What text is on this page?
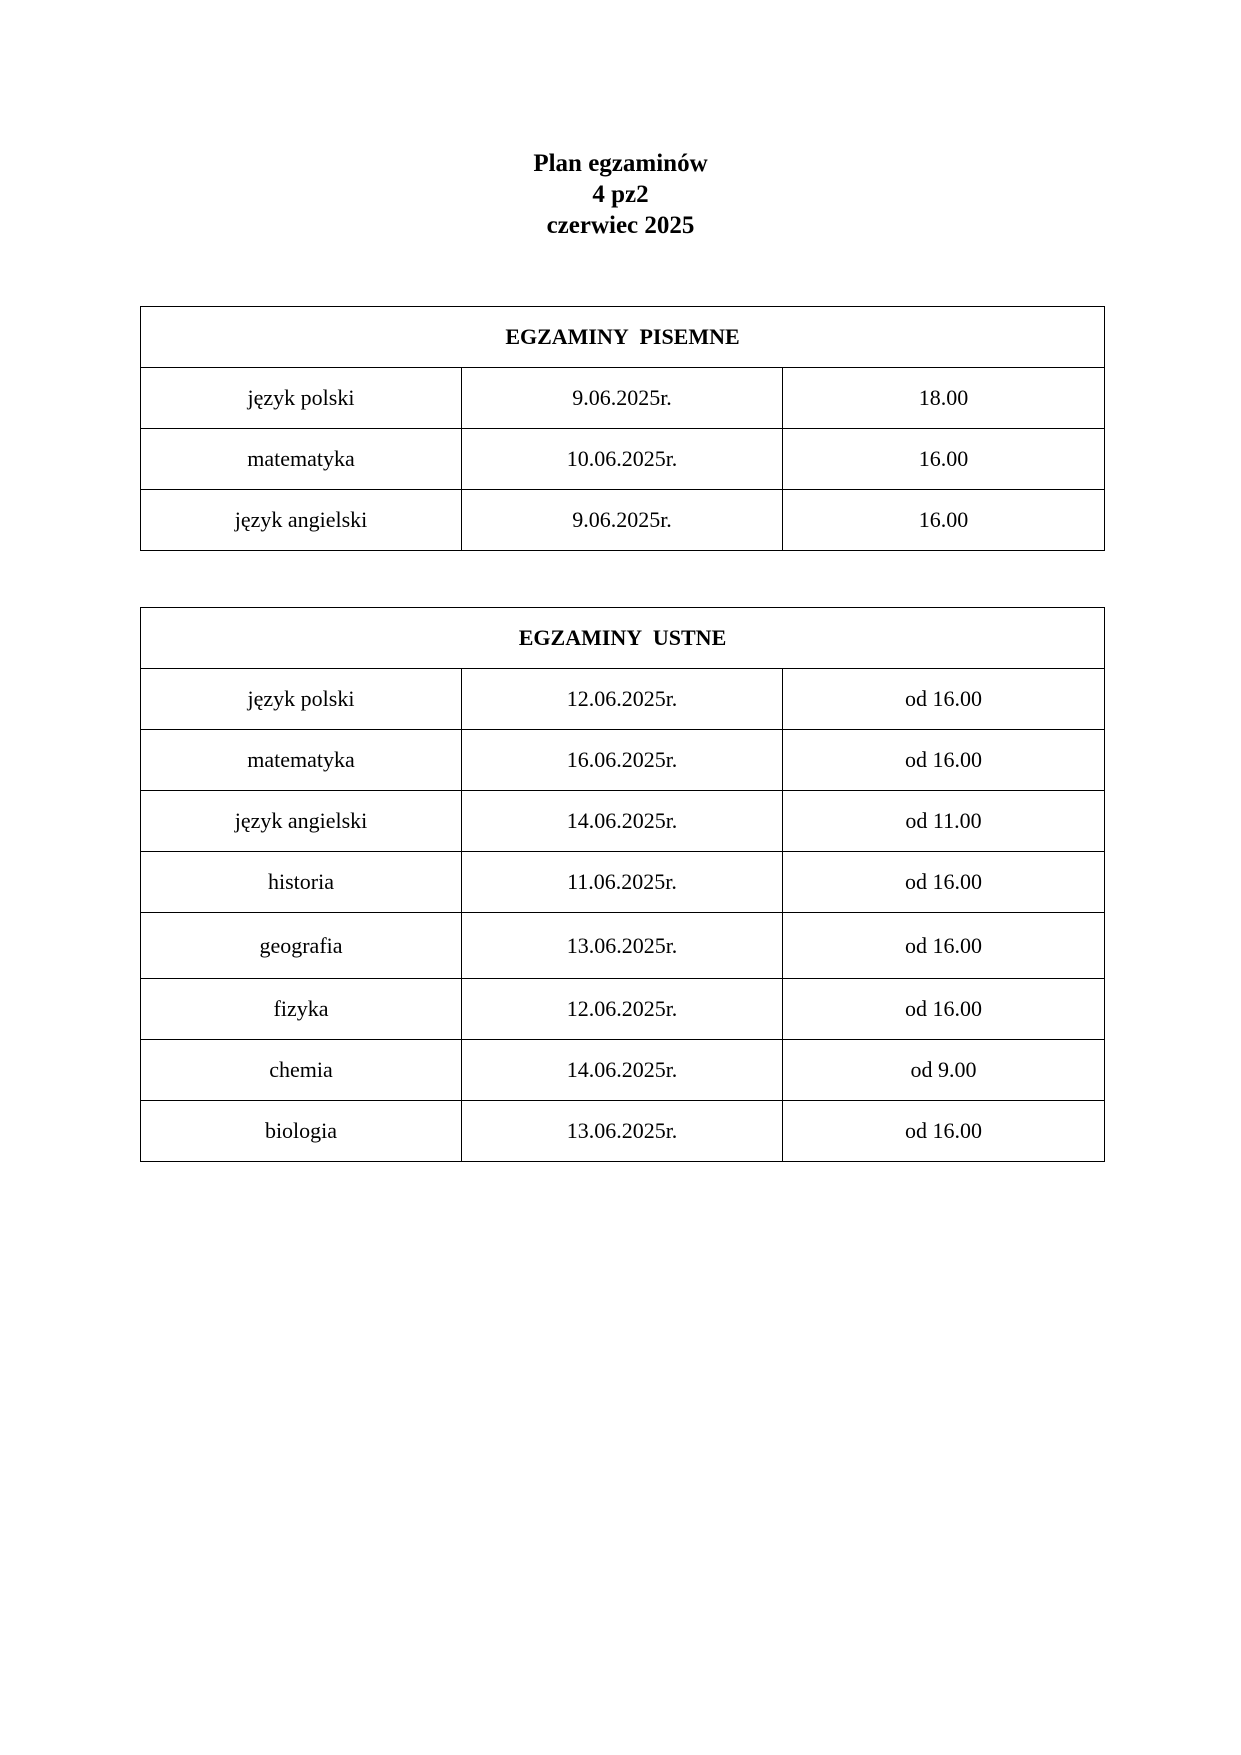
Plan egzaminów
4 pz2
czerwiec 2025
EGZAMINY PISEMNE		
język polski	9.06.2025r.	18.00
matematyka	10.06.2025r.	16.00
język angielski	9.06.2025r.	16.00
EGZAMINY USTNE		
język polski	12.06.2025r.	od 16.00
matematyka	16.06.2025r.	od 16.00
język angielski	14.06.2025r.	od 11.00
historia	11.06.2025r.	od 16.00
geografia	13.06.2025r.	od 16.00
fizyka	12.06.2025r.	od 16.00
chemia	14.06.2025r.	od 9.00
biologia	13.06.2025r.	od 16.00
